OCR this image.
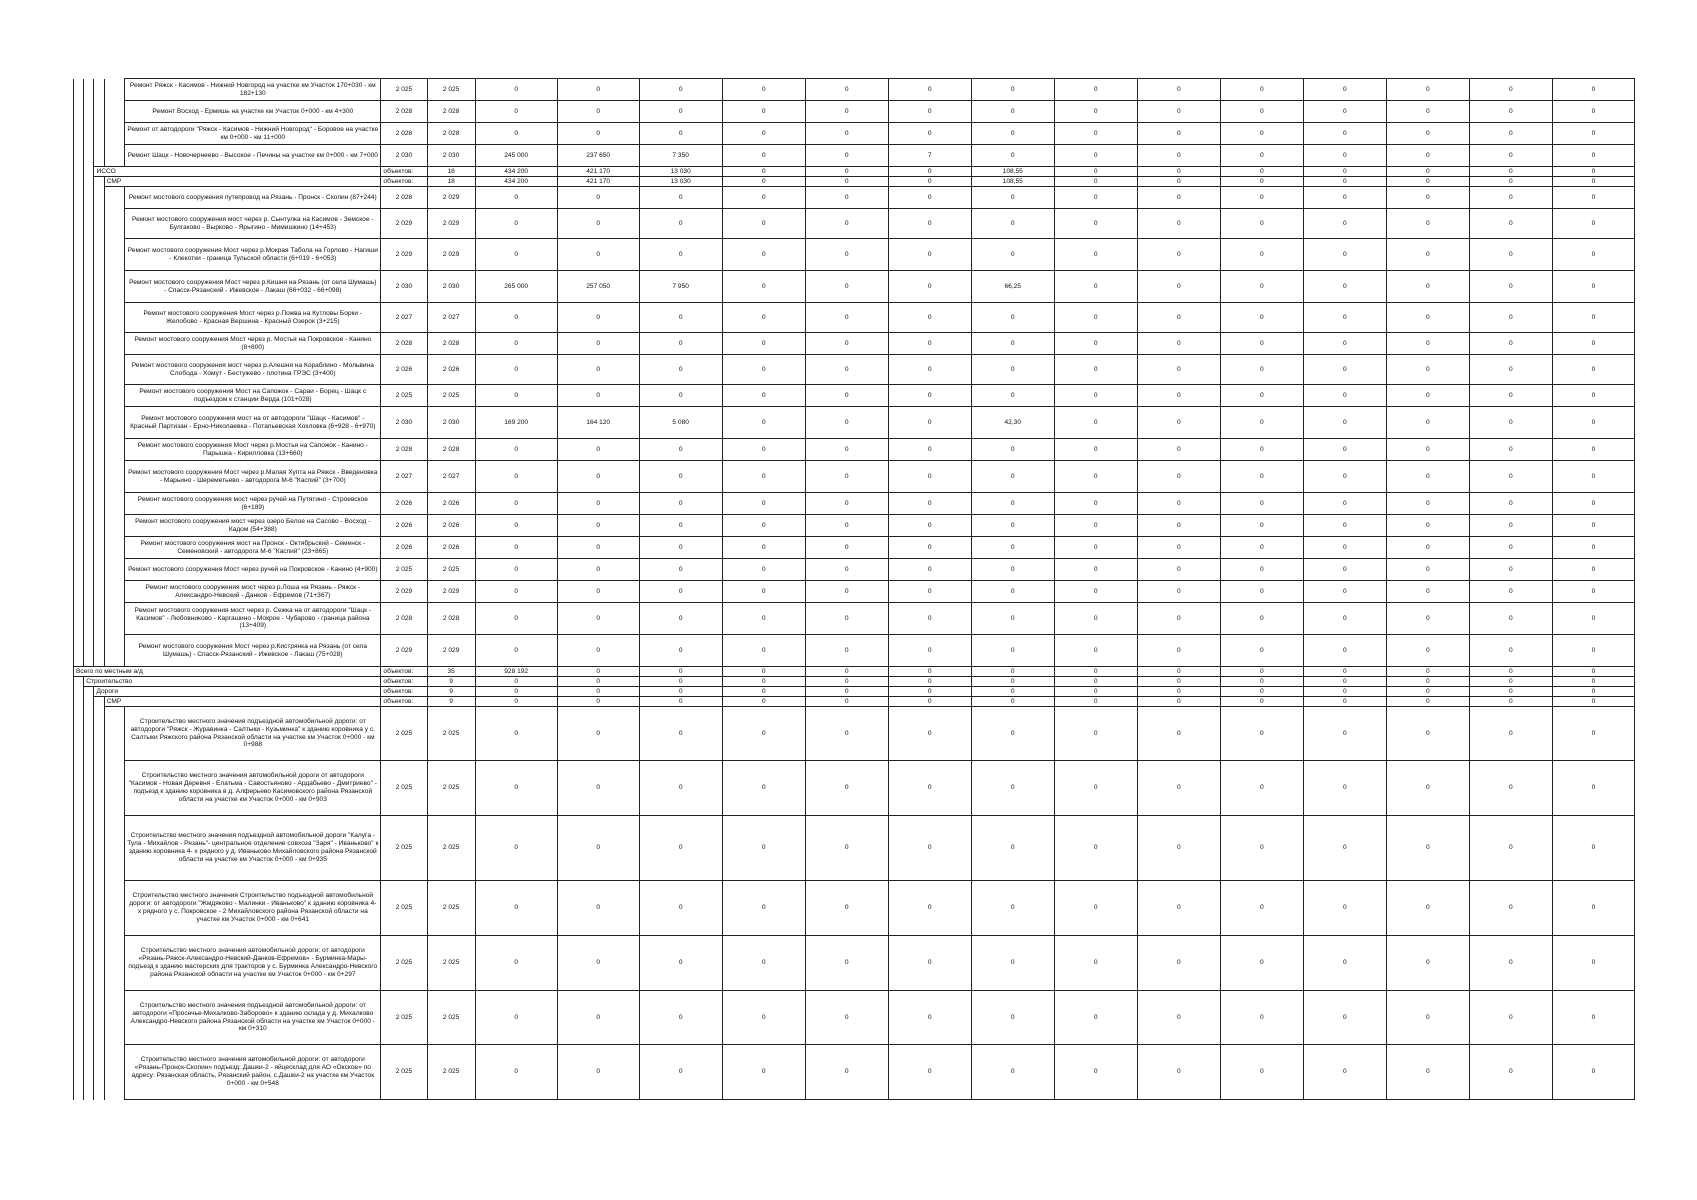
				Ремонт Ряжск - Касимов - Нижний Новгород на участке км Участок 170+030 - км 182+130	2 025	2 025	0	0	0	0	0	0	0	0	0	0	0	0	0	0
				Ремонт Восход - Ермишь на участке км Участок 0+000 - км 4+300	2 028	2 028	0	0	0	0	0	0	0	0	0	0	0	0	0	0
				Ремонт от автодороги "Ряжск - Касимов - Нижний Новгород" - Боровое на участке км 0+000 - км 11+000	2 028	2 028	0	0	0	0	0	0	0	0	0	0	0	0	0	0
				Ремонт Шацк - Новочернеево - Высокое - Печины на участке км 0+000 - км 7+000	2 030	2 030	245 000	237 650	7 350	0	0	7	0	0	0	0	0	0	0	0
		ИССО			объектов:	18	434 200	421 170	13 030	0	0	0	108,55	0	0	0	0	0	0	0
			СМР		объектов:	18	434 200	421 170	13 030	0	0	0	108,55	0	0	0	0	0	0	0
				Ремонт мостового сооружения путепровод на Рязань - Пронск - Скопин (87+244)	2 028	2 029	0	0	0	0	0	0	0	0	0	0	0	0	0	0
				Ремонт мостового сооружения мост через р. Сынтулка на Касимов - Земское - Булгаково - Вырково - Ярыгино - Мимишкино (14+453)	2 029	2 029	0	0	0	0	0	0	0	0	0	0	0	0	0	0
				Ремонт мостового сооружения Мост через р.Мокрая Табола на Горлово - Нагиши - Клекотки - граница Тульской области (6+019 - 6+053)	2 029	2 029	0	0	0	0	0	0	0	0	0	0	0	0	0	0
				Ремонт мостового сооружения Мост через р.Кишня на Рязань (от села Шумашь) - Спасск-Рязанский - Ижевское - Лакаш (66+032 - 66+098)	2 030	2 030	265 000	257 050	7 950	0	0	0	66,25	0	0	0	0	0	0	0
				Ремонт мостового сооружения Мост через р.Пожва на Кутловы Борки - Желобово - Красная Вершина - Красный Озерок (3+215)	2 027	2 027	0	0	0	0	0	0	0	0	0	0	0	0	0	0
				Ремонт мостового сооружения Мост через р. Мостья на Покровское - Канино (8+800)	2 028	2 028	0	0	0	0	0	0	0	0	0	0	0	0	0	0
				Ремонт мостового сооружения мост через р.Алешня на Кораблино - Мольвина Слобода - Хомут - Бестужево - плотина ГРЭС (3+400)	2 026	2 026	0	0	0	0	0	0	0	0	0	0	0	0	0	0
				Ремонт мостового сооружения Мост на Сапожок - Сараи - Борец - Шацк с подъездом к станции Верда (101+028)	2 025	2 025	0	0	0	0	0	0	0	0	0	0	0	0	0	0
				Ремонт мостового сооружения мост на от автодороги "Шацк - Касимов" - Красный Партизан - Ерно-Николаевка - Потапьевская Хохловка (6+928 - 6+970)	2 030	2 030	169 200	164 120	5 080	0	0	0	42,30	0	0	0	0	0	0	0
				Ремонт мостового сооружения Мост через р.Мостья на Сапожок - Канино - Парышка - Кирилловка (13+660)	2 028	2 028	0	0	0	0	0	0	0	0	0	0	0	0	0	0
				Ремонт мостового сооружения Мост через р.Малая Хупта на Ряжск - Введеновка - Марьино - Шереметьево - автодорога М-6 "Каспий" (3+700)	2 027	2 027	0	0	0	0	0	0	0	0	0	0	0	0	0	0
				Ремонт мостового сооружения мост через ручей на Путятино - Строевское (6+189)	2 026	2 026	0	0	0	0	0	0	0	0	0	0	0	0	0	0
				Ремонт мостового сооружения мост через озеро Белое на Сасово - Восход - Кадом (54+388)	2 026	2 026	0	0	0	0	0	0	0	0	0	0	0	0	0	0
				Ремонт мостового сооружения мост на Пронск - Октябрьский - Семенск - Семеновский - автодорога М-6 "Каспий" (23+865)	2 026	2 026	0	0	0	0	0	0	0	0	0	0	0	0	0	0
				Ремонт мостового сооружения Мост через ручей на Покровское - Канино (4+900)	2 025	2 025	0	0	0	0	0	0	0	0	0	0	0	0	0	0
				Ремонт мостового сооружения мост через р.Лоша на Рязань - Ряжск - Александро-Невский - Данков - Ефремов (71+367)	2 029	2 029	0	0	0	0	0	0	0	0	0	0	0	0	0	0
				Ремонт мостового сооружения мост через р. Сежка на от автодороги "Шацк - Касимов" - Любовниково - Каргашино - Мокрое - Чубарово - граница района (13+409)	2 028	2 028	0	0	0	0	0	0	0	0	0	0	0	0	0	0
				Ремонт мостового сооружения Мост через р.Кистрянка на Рязань (от села Шумашь) - Спасск-Рязанский - Ижевское - Лакаш (75+028)	2 029	2 029	0	0	0	0	0	0	0	0	0	0	0	0	0	0
Всего по местным а/д					объектов:	35	928 192	0	0	0	0	0	0	0	0	0	0	0	0	0
	Строительство				объектов:	9	0	0	0	0	0	0	0	0	0	0	0	0	0	0
		Дороги			объектов:	9	0	0	0	0	0	0	0	0	0	0	0	0	0	0
			СМР		объектов:	9	0	0	0	0	0	0	0	0	0	0	0	0	0	0
				Строительство местного значения подъездной автомобильной дороги: от автодороги "Ряжск - Журавинка - Салтыки - Кузьминка" к зданию коровника у с. Салтыки Ряжского района Рязанской области на участке км Участок 0+000 - км 0+988	2 025	2 025	0	0	0	0	0	0	0	0	0	0	0	0	0	0
				Строительство местного значения автомобильной дороги от автодороги "Касимов - Новая Деревня - Елатьма - Савостьяново - Ардабьево - Дмитриево" - подъезд к зданию коровника в д. Алферьево Касимовского района Рязанской области на участке км Участок 0+000 - км 0+903	2 025	2 025	0	0	0	0	0	0	0	0	0	0	0	0	0	0
				Строительство местного значения подъездной автомобильной дороги "Калуга - Тула - Михайлов - Рязань"- центральное отделение совхоза "Заря" - Иваньково" к зданию коровника 4- х рядного у д. Иваньково Михайловского района Рязанской области на участке км Участок 0+000 - км 0+935	2 025	2 025	0	0	0	0	0	0	0	0	0	0	0	0	0	0
				Строительство местного значения Строительство подъездной автомобильной дороги: от автодороги "Жмдяково - Малинки - Иваньково" к зданию коровника 4- х рядного у с. Покровское - 2 Михайловского района Рязанской области на участке км Участок 0+000 - км 0+641	2 025	2 025	0	0	0	0	0	0	0	0	0	0	0	0	0	0
				Строительство местного значения автомобильной дороги: от автодороги «Рязань-Ряжск-Александро-Невский-Данков-Ефремов» - Бурминка-Мары-подъезд к зданию мастерских для тракторов у с. Бурминка Александро-Невского района Рязанской области на участке км Участок 0+000 - км 0+297	2 025	2 025	0	0	0	0	0	0	0	0	0	0	0	0	0	0
				Строительство местного значения подъездной автомобильной дороги: от автодороги «Просечье-Михалково-Заборово» к зданию склада у д. Михалково Александро-Невского района Рязанской области на участке км Участок 0+000 - км 0+310	2 025	2 025	0	0	0	0	0	0	0	0	0	0	0	0	0	0
				Строительство местного значения автомобильной дороги: от автодороги «Рязань-Пронск-Скопин» подъезд: Дашки-2 - яйцесклад для АО «Окское» по адресу: Рязанская область, Рязанский район, с.Дашки-2 на участке км Участок 0+000 - км 0+548	2 025	2 025	0	0	0	0	0	0	0	0	0	0	0	0	0	0
